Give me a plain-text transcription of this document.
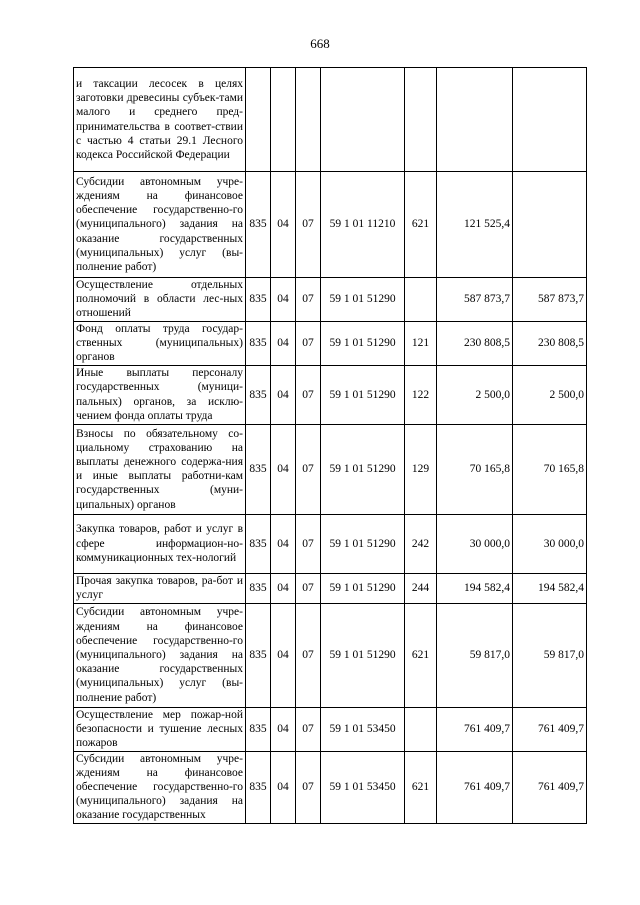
668
и таксации лесосек в целях заготовки древесины субъек-тами малого и среднего пред-принимательства в соответ-ствии с частью 4 статьи 29.1 Лесного кодекса Российской Федерации							
Субсидии автономным учре-ждениям на финансовое обеспечение государственно-го (муниципального) задания на оказание государственных (муниципальных) услуг (вы-полнение работ)	835	04	07	59 1 01 11210	621	121 525,4	
Осуществление отдельных полномочий в области лес-ных отношений	835	04	07	59 1 01 51290		587 873,7	587 873,7
Фонд оплаты труда государ-ственных (муниципальных) органов	835	04	07	59 1 01 51290	121	230 808,5	230 808,5
Иные выплаты персоналу государственных (муници-пальных) органов, за исклю-чением фонда оплаты труда	835	04	07	59 1 01 51290	122	2 500,0	2 500,0
Взносы по обязательному со-циальному страхованию на выплаты денежного содержа-ния и иные выплаты работни-кам государственных (муни-ципальных) органов	835	04	07	59 1 01 51290	129	70 165,8	70 165,8
Закупка товаров, работ и услуг в сфере информацион-но-коммуникационных тех-нологий	835	04	07	59 1 01 51290	242	30 000,0	30 000,0
Прочая закупка товаров, ра-бот и услуг	835	04	07	59 1 01 51290	244	194 582,4	194 582,4
Субсидии автономным учре-ждениям на финансовое обеспечение государственно-го (муниципального) задания на оказание государственных (муниципальных) услуг (вы-полнение работ)	835	04	07	59 1 01 51290	621	59 817,0	59 817,0
Осуществление мер пожар-ной безопасности и тушение лесных пожаров	835	04	07	59 1 01 53450		761 409,7	761 409,7
Субсидии автономным учре-ждениям на финансовое обеспечение государственно-го (муниципального) задания на оказание государственных	835	04	07	59 1 01 53450	621	761 409,7	761 409,7
